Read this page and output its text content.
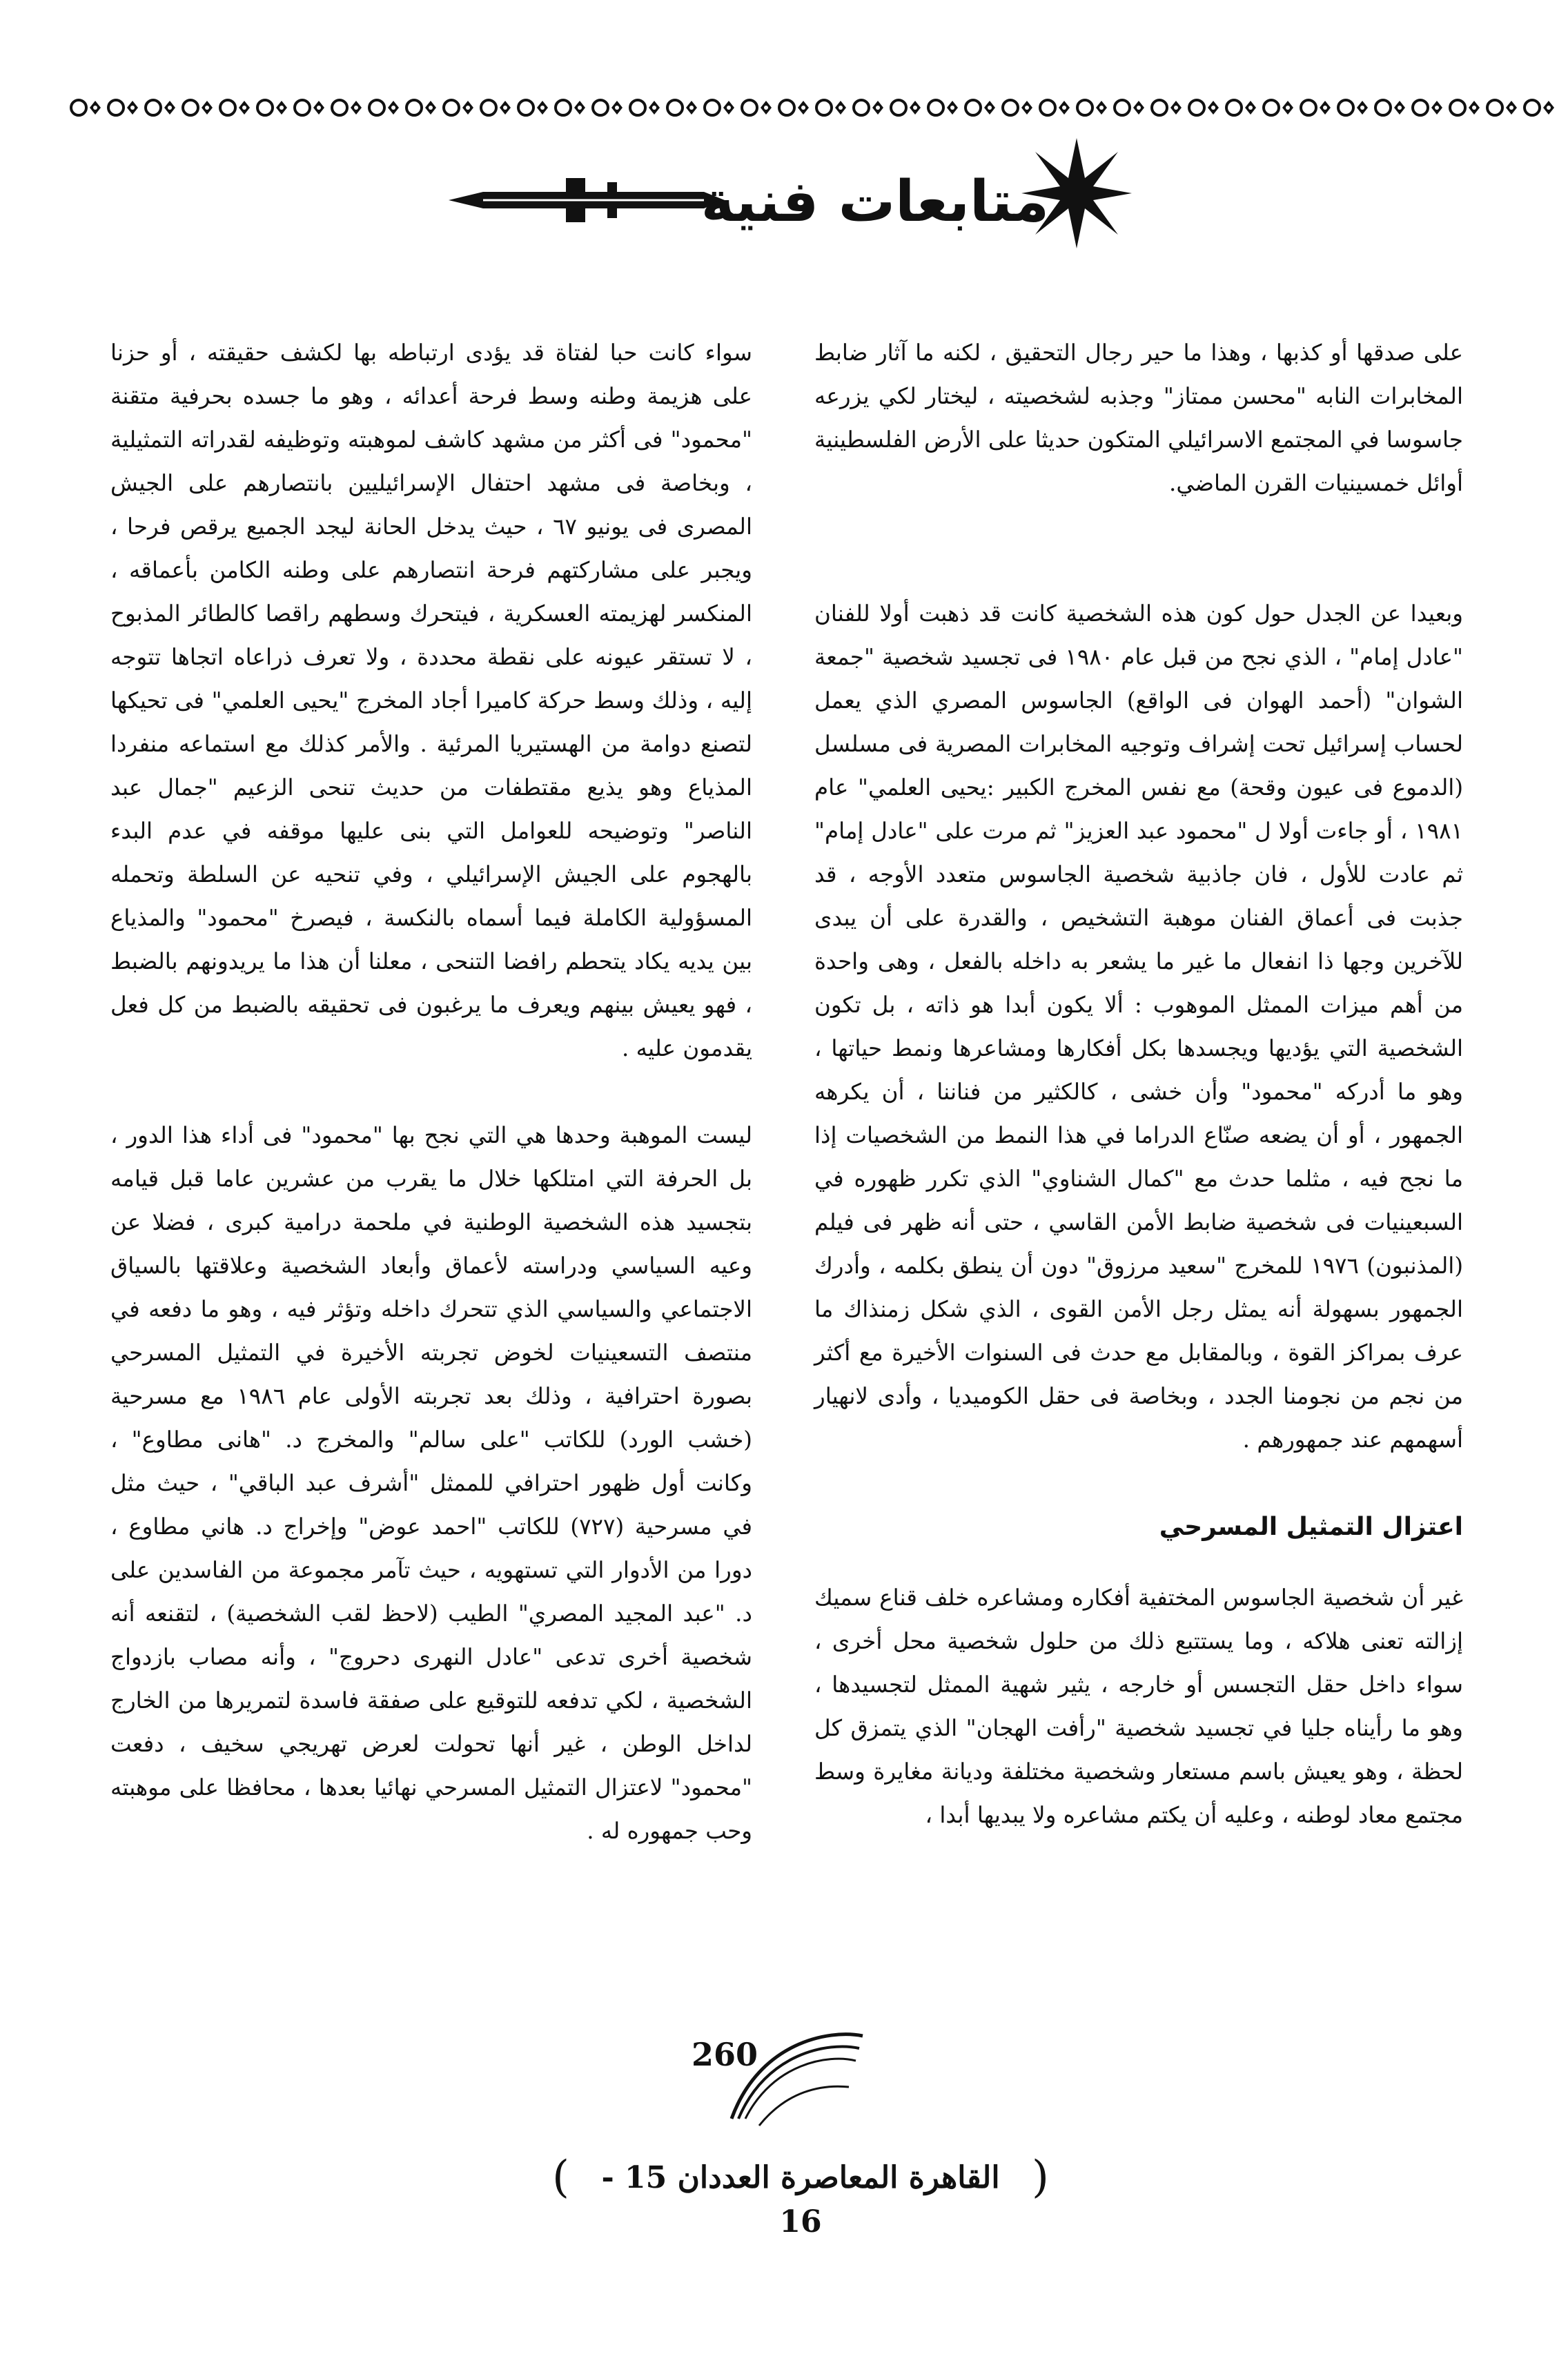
متابعات فنية

على صدقها أو كذبها ، وهذا ما حير رجال التحقيق ، لكنه ما آثار ضابط المخابرات النابه "محسن ممتاز" وجذبه لشخصيته ، ليختار لكي يزرعه جاسوسا في المجتمع الاسرائيلي المتكون حديثا على الأرض الفلسطينية أوائل خمسينيات القرن الماضي.

وبعيدا عن الجدل حول كون هذه الشخصية كانت قد ذهبت أولا للفنان "عادل إمام" ، الذي نجح من قبل عام ١٩٨٠ فى تجسيد شخصية "جمعة الشوان" (أحمد الهوان فى الواقع) الجاسوس المصري الذي يعمل لحساب إسرائيل تحت إشراف وتوجيه المخابرات المصرية فى مسلسل (الدموع فى عيون وقحة) مع نفس المخرج الكبير :يحيى العلمي" عام ١٩٨١ ، أو جاءت أولا ل "محمود عبد العزيز" ثم مرت على "عادل إمام" ثم عادت للأول ، فان جاذبية شخصية الجاسوس متعدد الأوجه ، قد جذبت فى أعماق الفنان موهبة التشخيص ، والقدرة على أن يبدى للآخرين وجها ذا انفعال ما غير ما يشعر به داخله بالفعل ، وهى واحدة من أهم ميزات الممثل الموهوب : ألا يكون أبدا هو ذاته ، بل تكون الشخصية التي يؤديها ويجسدها بكل أفكارها ومشاعرها ونمط حياتها ، وهو ما أدركه "محمود" وأن خشى ، كالكثير من فناننا ، أن يكرهه الجمهور ، أو أن يضعه صنّاع الدراما في هذا النمط من الشخصيات إذا ما نجح فيه ، مثلما حدث مع "كمال الشناوي" الذي تكرر ظهوره في السبعينيات فى شخصية ضابط الأمن القاسي ، حتى أنه ظهر فى فيلم (المذنبون) ١٩٧٦ للمخرج "سعيد مرزوق" دون أن ينطق بكلمه ، وأدرك الجمهور بسهولة أنه يمثل رجل الأمن القوى ، الذي شكل زمنذاك ما عرف بمراكز القوة ، وبالمقابل مع حدث فى السنوات الأخيرة مع أكثر من نجم من نجومنا الجدد ، وبخاصة فى حقل الكوميديا ، وأدى لانهيار أسهمهم عند جمهورهم .

اعتزال التمثيل المسرحي

غير أن شخصية الجاسوس المختفية أفكاره ومشاعره خلف قناع سميك إزالته تعنى هلاكه ، وما يستتبع ذلك من حلول شخصية محل أخرى ، سواء داخل حقل التجسس أو خارجه ، يثير شهية الممثل لتجسيدها ، وهو ما رأيناه جليا في تجسيد شخصية "رأفت الهجان" الذي يتمزق كل لحظة ، وهو يعيش باسم مستعار وشخصية مختلفة وديانة مغايرة وسط مجتمع معاد لوطنه ، وعليه أن يكتم مشاعره ولا يبديها أبدا ،

سواء كانت حبا لفتاة قد يؤدى ارتباطه بها لكشف حقيقته ، أو حزنا على هزيمة وطنه وسط فرحة أعدائه ، وهو ما جسده بحرفية متقنة "محمود" فى أكثر من مشهد كاشف لموهبته وتوظيفه لقدراته التمثيلية ، وبخاصة فى مشهد احتفال الإسرائيليين بانتصارهم على الجيش المصرى فى يونيو ٦٧ ، حيث يدخل الحانة ليجد الجميع يرقص فرحا ، ويجبر على مشاركتهم فرحة انتصارهم على وطنه الكامن بأعماقه ، المنكسر لهزيمته العسكرية ، فيتحرك وسطهم راقصا كالطائر المذبوح ، لا تستقر عيونه على نقطة محددة ، ولا تعرف ذراعاه اتجاها تتوجه إليه ، وذلك وسط حركة كاميرا أجاد المخرج "يحيى العلمي" فى تحيكها لتصنع دوامة من الهستيريا المرئية . والأمر كذلك مع استماعه منفردا المذياع وهو يذيع مقتطفات من حديث تنحى الزعيم "جمال عبد الناصر" وتوضيحه للعوامل التي بنى عليها موقفه في عدم البدء بالهجوم على الجيش الإسرائيلي ، وفي تنحيه عن السلطة وتحمله المسؤولية الكاملة فيما أسماه بالنكسة ، فيصرخ "محمود" والمذياع بين يديه يكاد يتحطم رافضا التنحى ، معلنا أن هذا ما يريدونهم بالضبط ، فهو يعيش بينهم ويعرف ما يرغبون فى تحقيقه بالضبط من كل فعل يقدمون عليه .

ليست الموهبة وحدها هي التي نجح بها "محمود" فى أداء هذا الدور ، بل الحرفة التي امتلكها خلال ما يقرب من عشرين عاما قبل قيامه بتجسيد هذه الشخصية الوطنية في ملحمة درامية كبرى ، فضلا عن وعيه السياسي ودراسته لأعماق وأبعاد الشخصية وعلاقتها بالسياق الاجتماعي والسياسي الذي تتحرك داخله وتؤثر فيه ، وهو ما دفعه في منتصف التسعينيات لخوض تجربته الأخيرة في التمثيل المسرحي بصورة احترافية ، وذلك بعد تجربته الأولى عام ١٩٨٦ مع مسرحية (خشب الورد) للكاتب "على سالم" والمخرج د. "هانى مطاوع" ، وكانت أول ظهور احترافي للممثل "أشرف عبد الباقي" ، حيث مثل في مسرحية (٧٢٧) للكاتب "احمد عوض" وإخراج د. هاني مطاوع ، دورا من الأدوار التي تستهويه ، حيث تآمر مجموعة من الفاسدين على د. "عبد المجيد المصري" الطيب (لاحظ لقب الشخصية) ، لتقنعه أنه شخصية أخرى تدعى "عادل النهرى دحروج" ، وأنه مصاب بازدواج الشخصية ، لكي تدفعه للتوقيع على صفقة فاسدة لتمريرها من الخارج لداخل الوطن ، غير أنها تحولت لعرض تهريجي سخيف ، دفعت "محمود" لاعتزال التمثيل المسرحي نهائيا بعدها ، محافظا على موهبته وحب جمهوره له .

260
( القاهرة المعاصرة العددان 15 - 16
)
